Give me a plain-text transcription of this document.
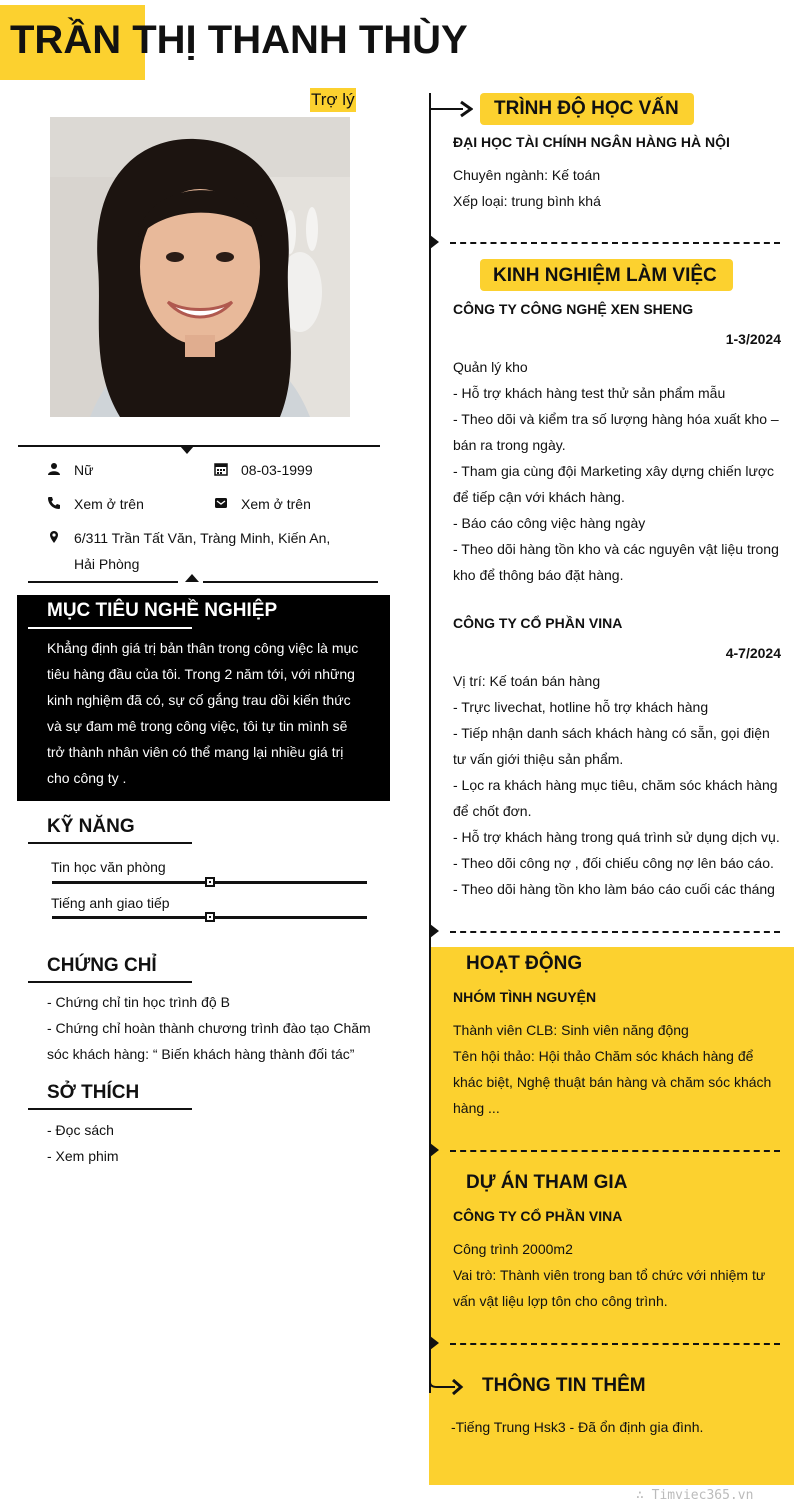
TRẦN THỊ THANH THÙY
Trợ lý
Nữ	08-03-1999
Xem ở trên	Xem ở trên
6/311 Trần Tất Văn, Tràng Minh, Kiến An,
Hải Phòng
MỤC TIÊU NGHỀ NGHIỆP
Khẳng định giá trị bản thân trong công việc là mục
tiêu hàng đầu của tôi. Trong 2 năm tới, với những
kinh nghiệm đã có, sự cố gắng trau dồi kiến thức
và sự đam mê trong công việc, tôi tự tin mình sẽ
trở thành nhân viên có thể mang lại nhiều giá trị
cho công ty .
KỸ NĂNG
Tin học văn phòng
Tiếng anh giao tiếp
CHỨNG CHỈ
- Chứng chỉ tin học trình độ B
- Chứng chỉ hoàn thành chương trình đào tạo Chăm
sóc khách hàng: “ Biến khách hàng thành đối tác”
SỞ THÍCH
- Đọc sách
- Xem phim
TRÌNH ĐỘ HỌC VẤN
ĐẠI HỌC TÀI CHÍNH NGÂN HÀNG HÀ NỘI
Chuyên ngành: Kế toán
Xếp loại: trung bình khá
KINH NGHIỆM LÀM VIỆC
CÔNG TY CÔNG NGHỆ XEN SHENG
1-3/2024
Quản lý kho
- Hỗ trợ khách hàng test thử sản phẩm mẫu
- Theo dõi và kiểm tra số lượng hàng hóa xuất kho –
bán ra trong ngày.
- Tham gia cùng đội Marketing xây dựng chiến lược
để tiếp cận với khách hàng.
- Báo cáo công việc hàng ngày
- Theo dõi hàng tồn kho và các nguyên vật liệu trong
kho để thông báo đặt hàng.
CÔNG TY CỔ PHẦN VINA
4-7/2024
Vị trí: Kế toán bán hàng
- Trực livechat, hotline hỗ trợ khách hàng
- Tiếp nhận danh sách khách hàng có sẵn, gọi điện
tư vấn giới thiệu sản phẩm.
- Lọc ra khách hàng mục tiêu, chăm sóc khách hàng
để chốt đơn.
- Hỗ trợ khách hàng trong quá trình sử dụng dịch vụ.
- Theo dõi công nợ , đối chiếu công nợ lên báo cáo.
- Theo dõi hàng tồn kho làm báo cáo cuối các tháng
HOẠT ĐỘNG
NHÓM TÌNH NGUYỆN
Thành viên CLB: Sinh viên năng động
Tên hội thảo: Hội thảo Chăm sóc khách hàng để
khác biệt, Nghệ thuật bán hàng và chăm sóc khách
hàng ...
DỰ ÁN THAM GIA
CÔNG TY CỔ PHẦN VINA
Công trình 2000m2
Vai trò: Thành viên trong ban tổ chức với nhiệm tư
vấn vật liệu lợp tôn cho công trình.
THÔNG TIN THÊM
-Tiếng Trung Hsk3 - Đã ổn định gia đình.
∴ Timviec365.vn
